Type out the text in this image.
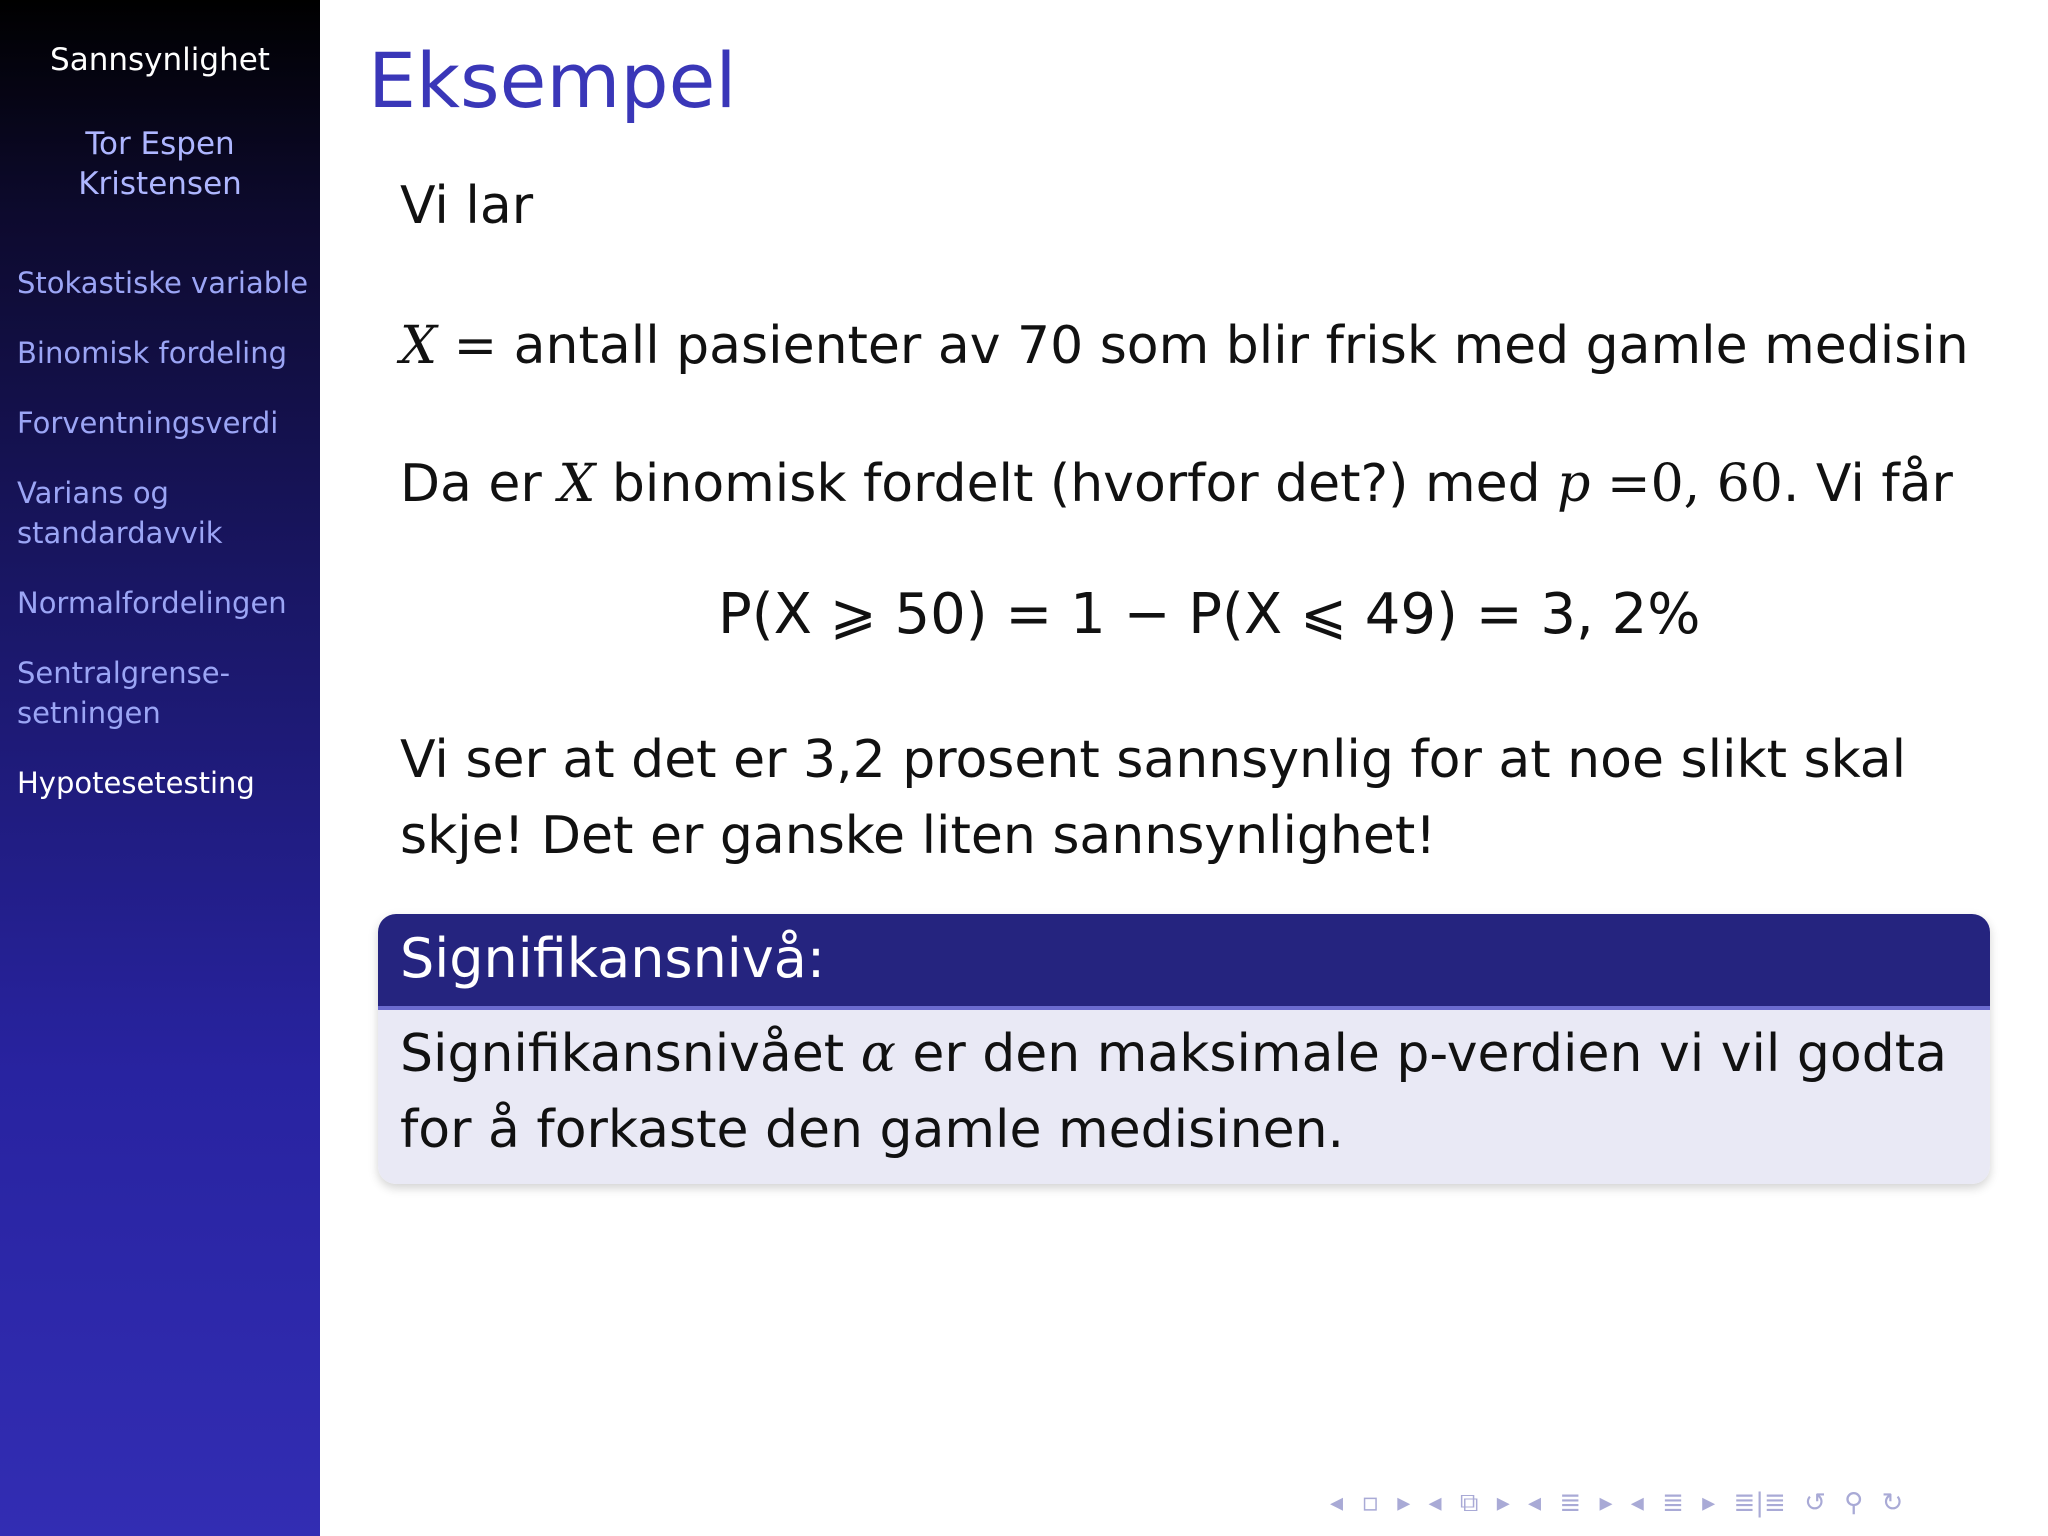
Sannsynlighet
Tor Espen
Kristensen
Stokastiske variable
Binomisk fordeling
Forventningsverdi
Varians og
standardavvik
Normalfordelingen
Sentralgrense-
setningen
Hypotesetesting
Eksempel
Vi lar
X = antall pasienter av 70 som blir frisk med gamle medisin
Da er X binomisk fordelt (hvorfor det?) med p =0, 60. Vi får
P(X ⩾ 50) = 1 − P(X ⩽ 49) = 3, 2%
Vi ser at det er 3,2 prosent sannsynlig for at noe slikt skal
skje! Det er ganske liten sannsynlighet!
Signifikansnivå:
Signifikansnivået α er den maksimale p-verdien vi vil godta
for å forkaste den gamle medisinen.
◂ ▫ ▸ ◂ ⧉ ▸ ◂ ≣ ▸ ◂ ≣ ▸ ≣|≣ ↺ ⚲ ↻
